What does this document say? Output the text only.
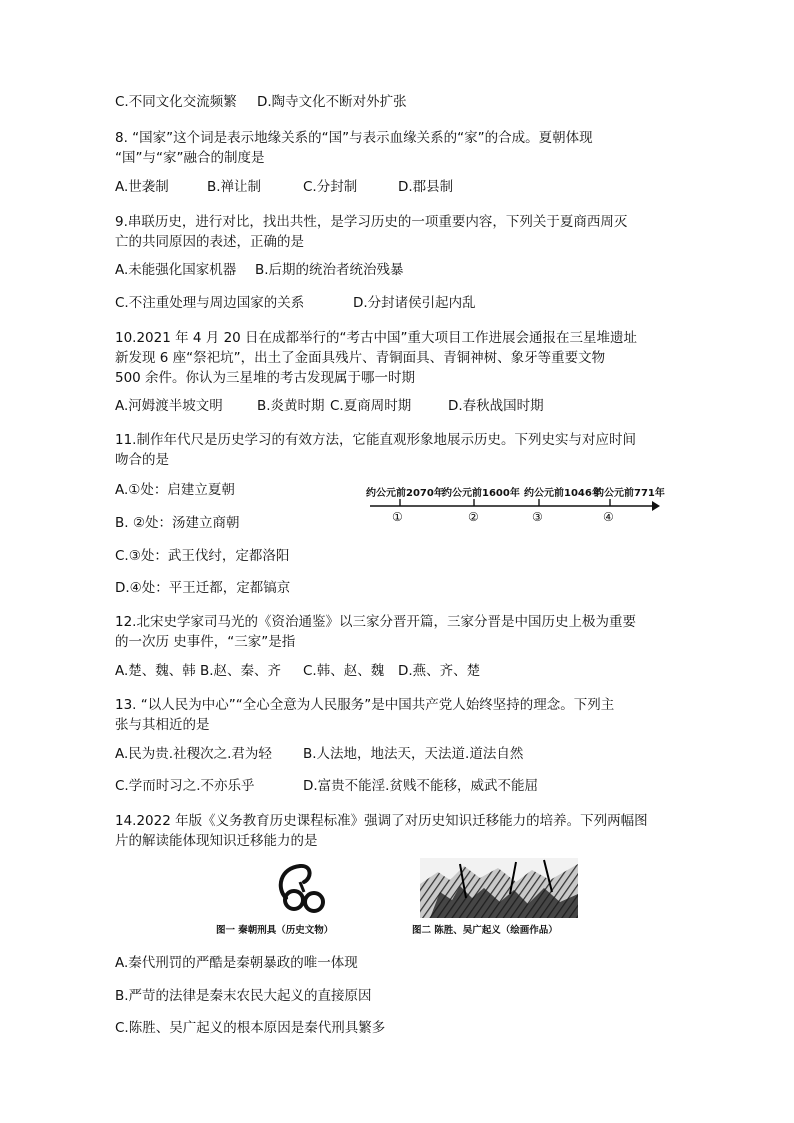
C.不同文化交流频繁 D.陶寺文化不断对外扩张
8. “国家”这个词是表示地缘关系的“国”与表示血缘关系的“家”的合成。夏朝体现
“国”与“家”融合的制度是
A.世袭制	B.禅让制	C.分封制	D.郡县制
9.串联历史，进行对比，找出共性，是学习历史的一项重要内容，下列关于夏商西周灭
亡的共同原因的表述，正确的是
A.未能强化国家机器 B.后期的统治者统治残暴
C.不注重处理与周边国家的关系	D.分封诸侯引起内乱
10.2021 年 4 月 20 日在成都举行的“考古中国”重大项目工作进展会通报在三星堆遗址
新发现 6 座“祭祀坑”，出土了金面具残片、青铜面具、青铜神树、象牙等重要文物
500 余件。你认为三星堆的考古发现属于哪一时期
A.河姆渡半坡文明	B.炎黄时期 C.夏商周时期	D.春秋战国时期
11.制作年代尺是历史学习的有效方法，它能直观形象地展示历史。下列史实与对应时间
吻合的是
A.①处：启建立夏朝
B. ②处：汤建立商朝
C.③处：武王伐纣，定都洛阳
D.④处：平王迁都，定都镐京
约公元前2070年
约公元前1600年 约公元前1046年
约公元前771年
①	②	③	④
12.北宋史学家司马光的《资治通鉴》以三家分晋开篇，三家分晋是中国历史上极为重要
的一次历 史事件，“三家”是指
A.楚、魏、韩 B.赵、秦、齐 C.韩、赵、魏 D.燕、齐、楚
13. “以人民为中心”“全心全意为人民服务”是中国共产党人始终坚持的理念。下列主
张与其相近的是
A.民为贵.社稷次之.君为轻 B.人法地，地法天，天法道.道法自然
C.学而时习之.不亦乐乎	D.富贵不能淫.贫贱不能移，威武不能屈
14.2022 年版《义务教育历史课程标准》强调了对历史知识迁移能力的培养。下列两幅图
片的解读能体现知识迁移能力的是
图一 秦朝刑具（历史文物）	图二 陈胜、吴广起义（绘画作品）
A.秦代刑罚的严酷是秦朝暴政的唯一体现
B.严苛的法律是秦末农民大起义的直接原因
C.陈胜、吴广起义的根本原因是秦代刑具繁多
